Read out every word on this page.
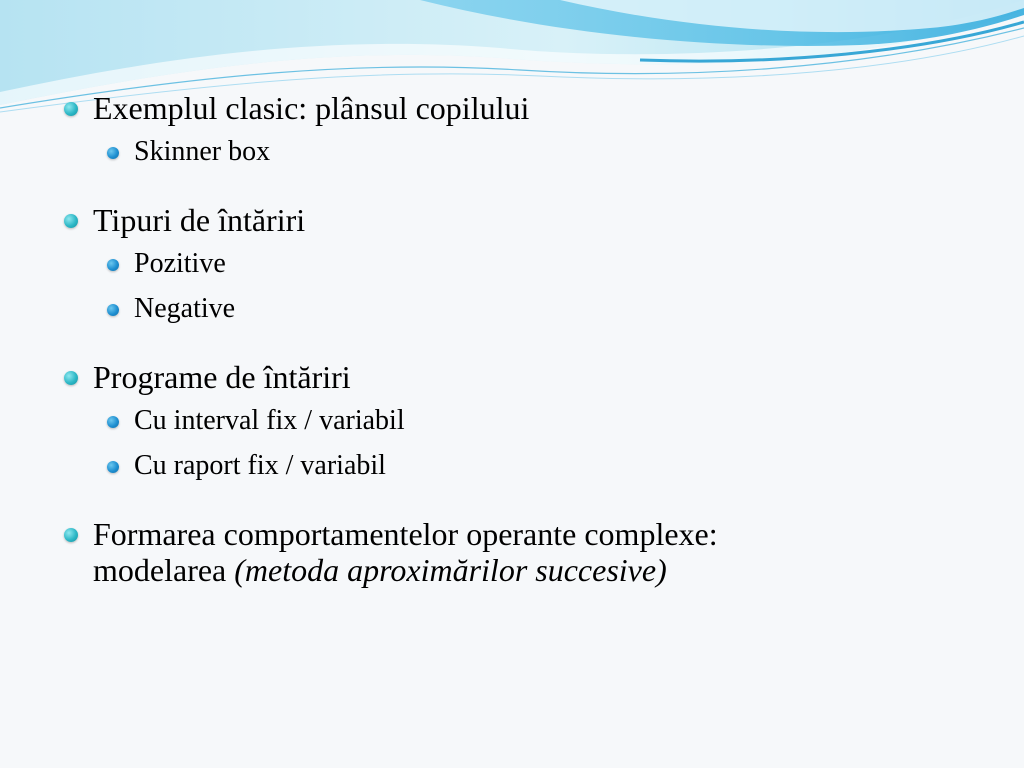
Exemplul clasic: plânsul copilului
Skinner box
Tipuri de întăriri
Pozitive
Negative
Programe de întăriri
Cu interval fix / variabil
Cu raport fix / variabil
Formarea comportamentelor operante complexe:
modelarea (metoda aproximărilor succesive)
